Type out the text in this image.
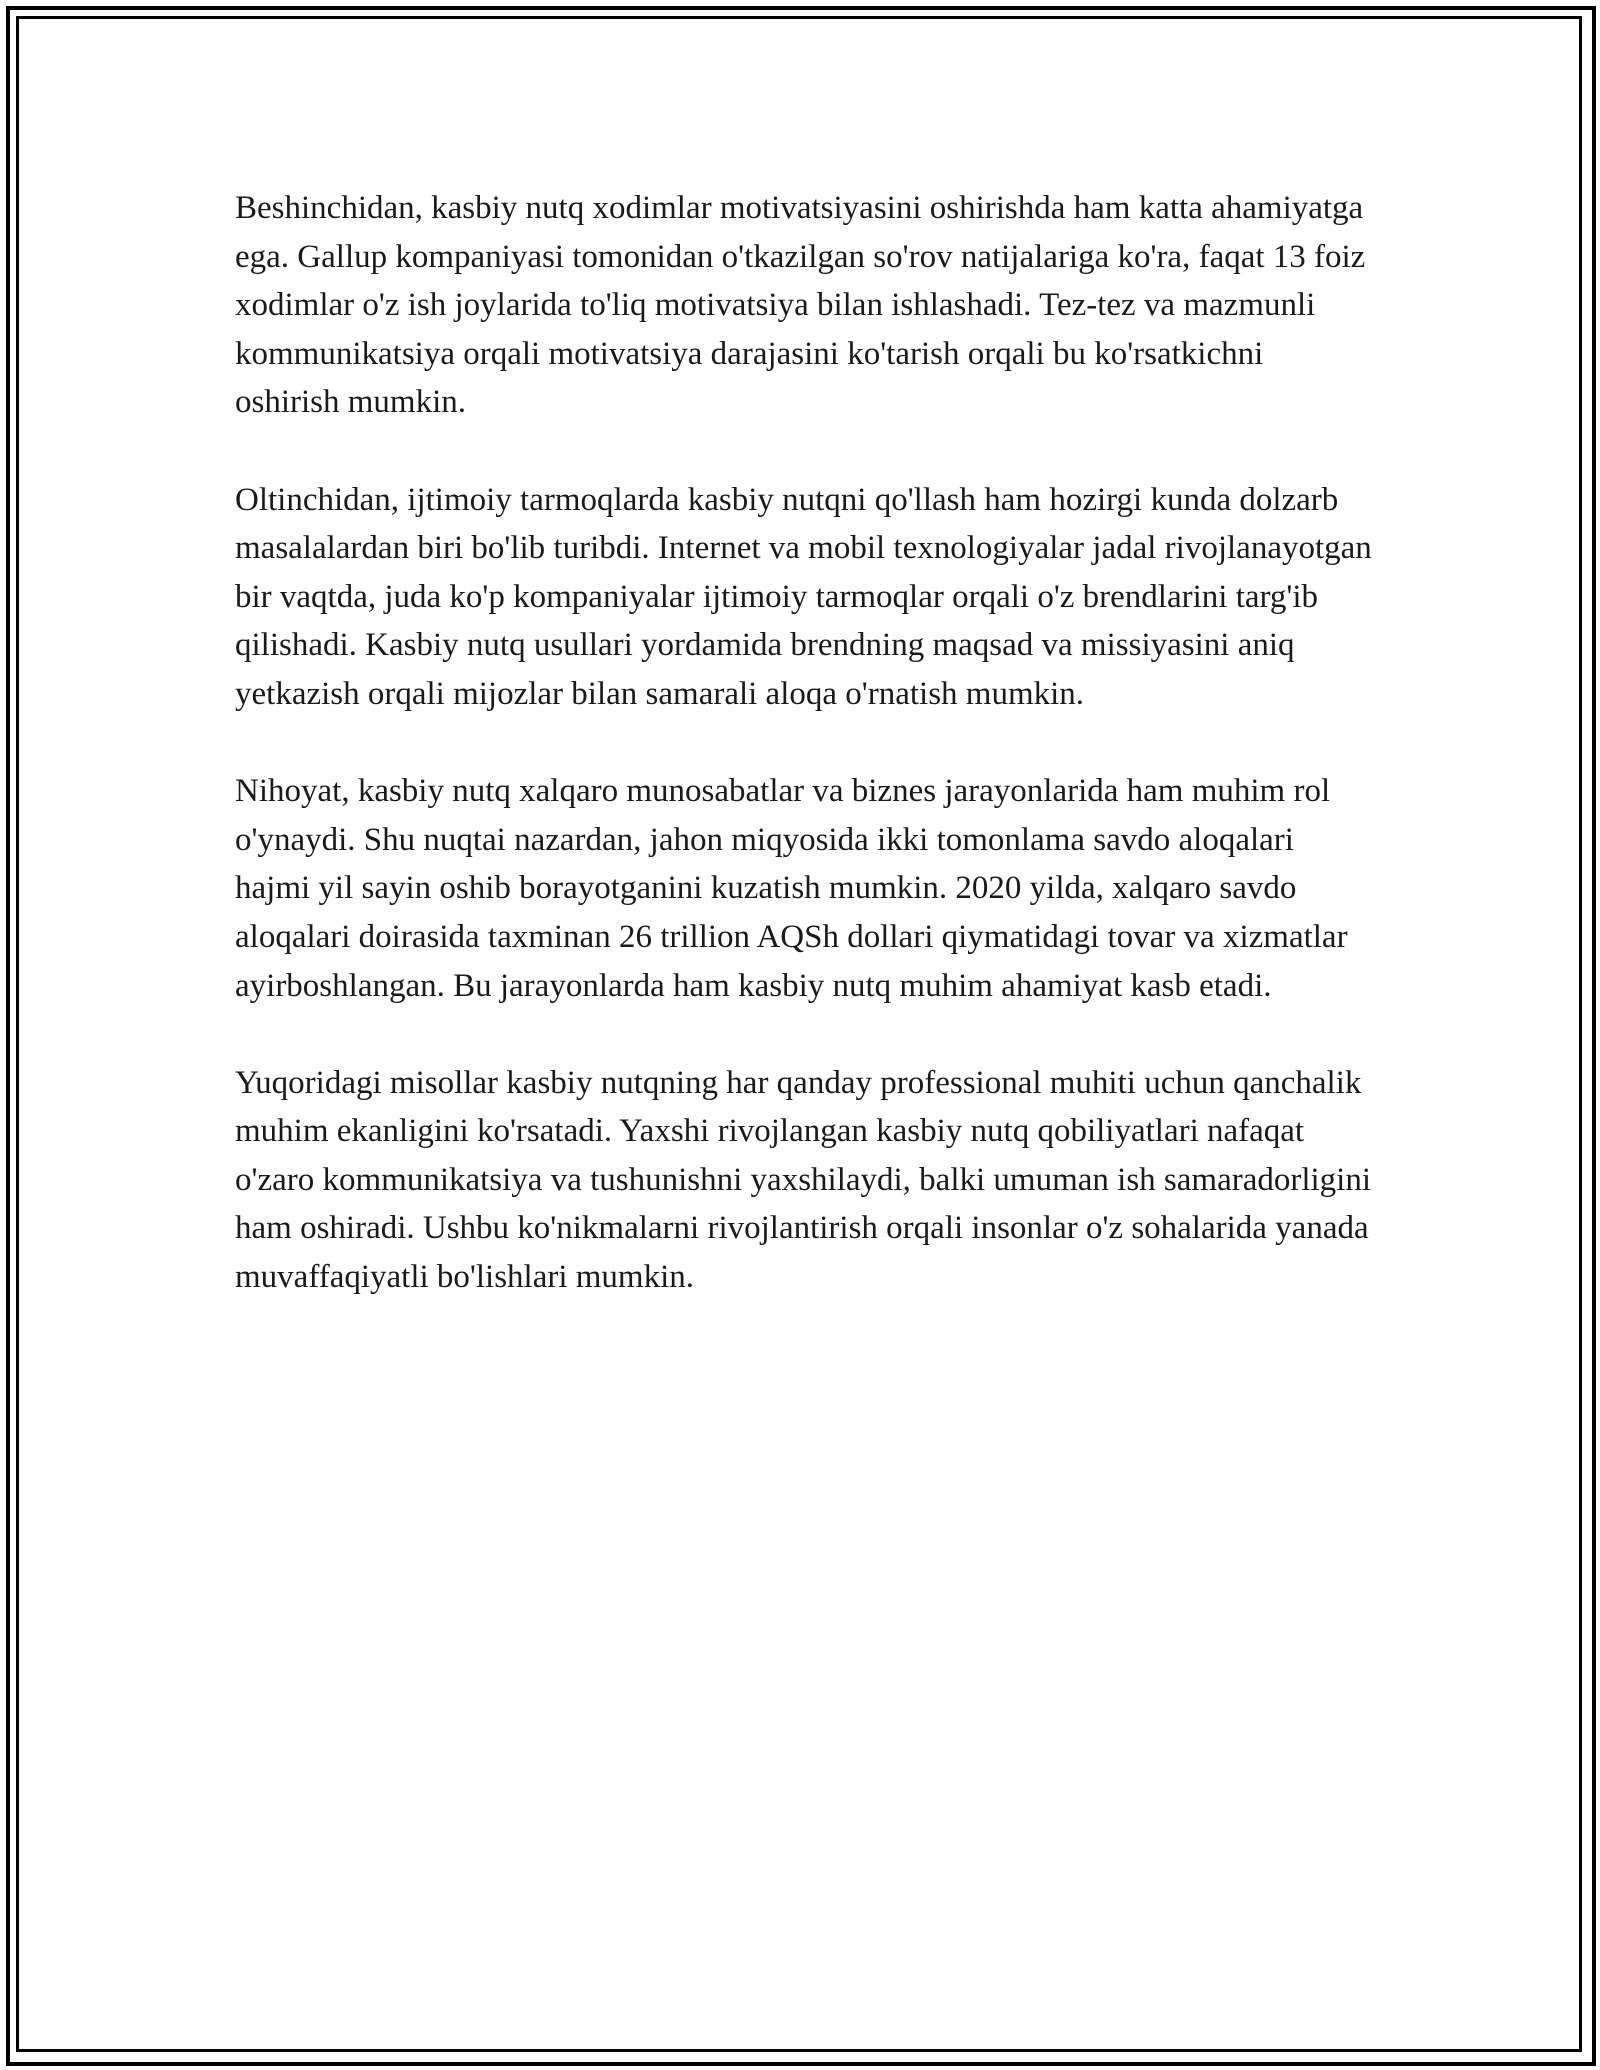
Beshinchidan, kasbiy nutq xodimlar motivatsiyasini oshirishda ham katta ahamiyatga ega. Gallup kompaniyasi tomonidan o'tkazilgan so'rov natijalariga ko'ra, faqat 13 foiz xodimlar o'z ish joylarida to'liq motivatsiya bilan ishlashadi. Tez-tez va mazmunli kommunikatsiya orqali motivatsiya darajasini ko'tarish orqali bu ko'rsatkichni oshirish mumkin.

Oltinchidan, ijtimoiy tarmoqlarda kasbiy nutqni qo'llash ham hozirgi kunda dolzarb masalalardan biri bo'lib turibdi. Internet va mobil texnologiyalar jadal rivojlanayotgan bir vaqtda, juda ko'p kompaniyalar ijtimoiy tarmoqlar orqali o'z brendlarini targ'ib qilishadi. Kasbiy nutq usullari yordamida brendning maqsad va missiyasini aniq yetkazish orqali mijozlar bilan samarali aloqa o'rnatish mumkin.

Nihoyat, kasbiy nutq xalqaro munosabatlar va biznes jarayonlarida ham muhim rol o'ynaydi. Shu nuqtai nazardan, jahon miqyosida ikki tomonlama savdo aloqalari hajmi yil sayin oshib borayotganini kuzatish mumkin. 2020 yilda, xalqaro savdo aloqalari doirasida taxminan 26 trillion AQSh dollari qiymatidagi tovar va xizmatlar ayirboshlangan. Bu jarayonlarda ham kasbiy nutq muhim ahamiyat kasb etadi.

Yuqoridagi misollar kasbiy nutqning har qanday professional muhiti uchun qanchalik muhim ekanligini ko'rsatadi. Yaxshi rivojlangan kasbiy nutq qobiliyatlari nafaqat o'zaro kommunikatsiya va tushunishni yaxshilaydi, balki umuman ish samaradorligini ham oshiradi. Ushbu ko'nikmalarni rivojlantirish orqali insonlar o'z sohalarida yanada muvaffaqiyatli bo'lishlari mumkin.
